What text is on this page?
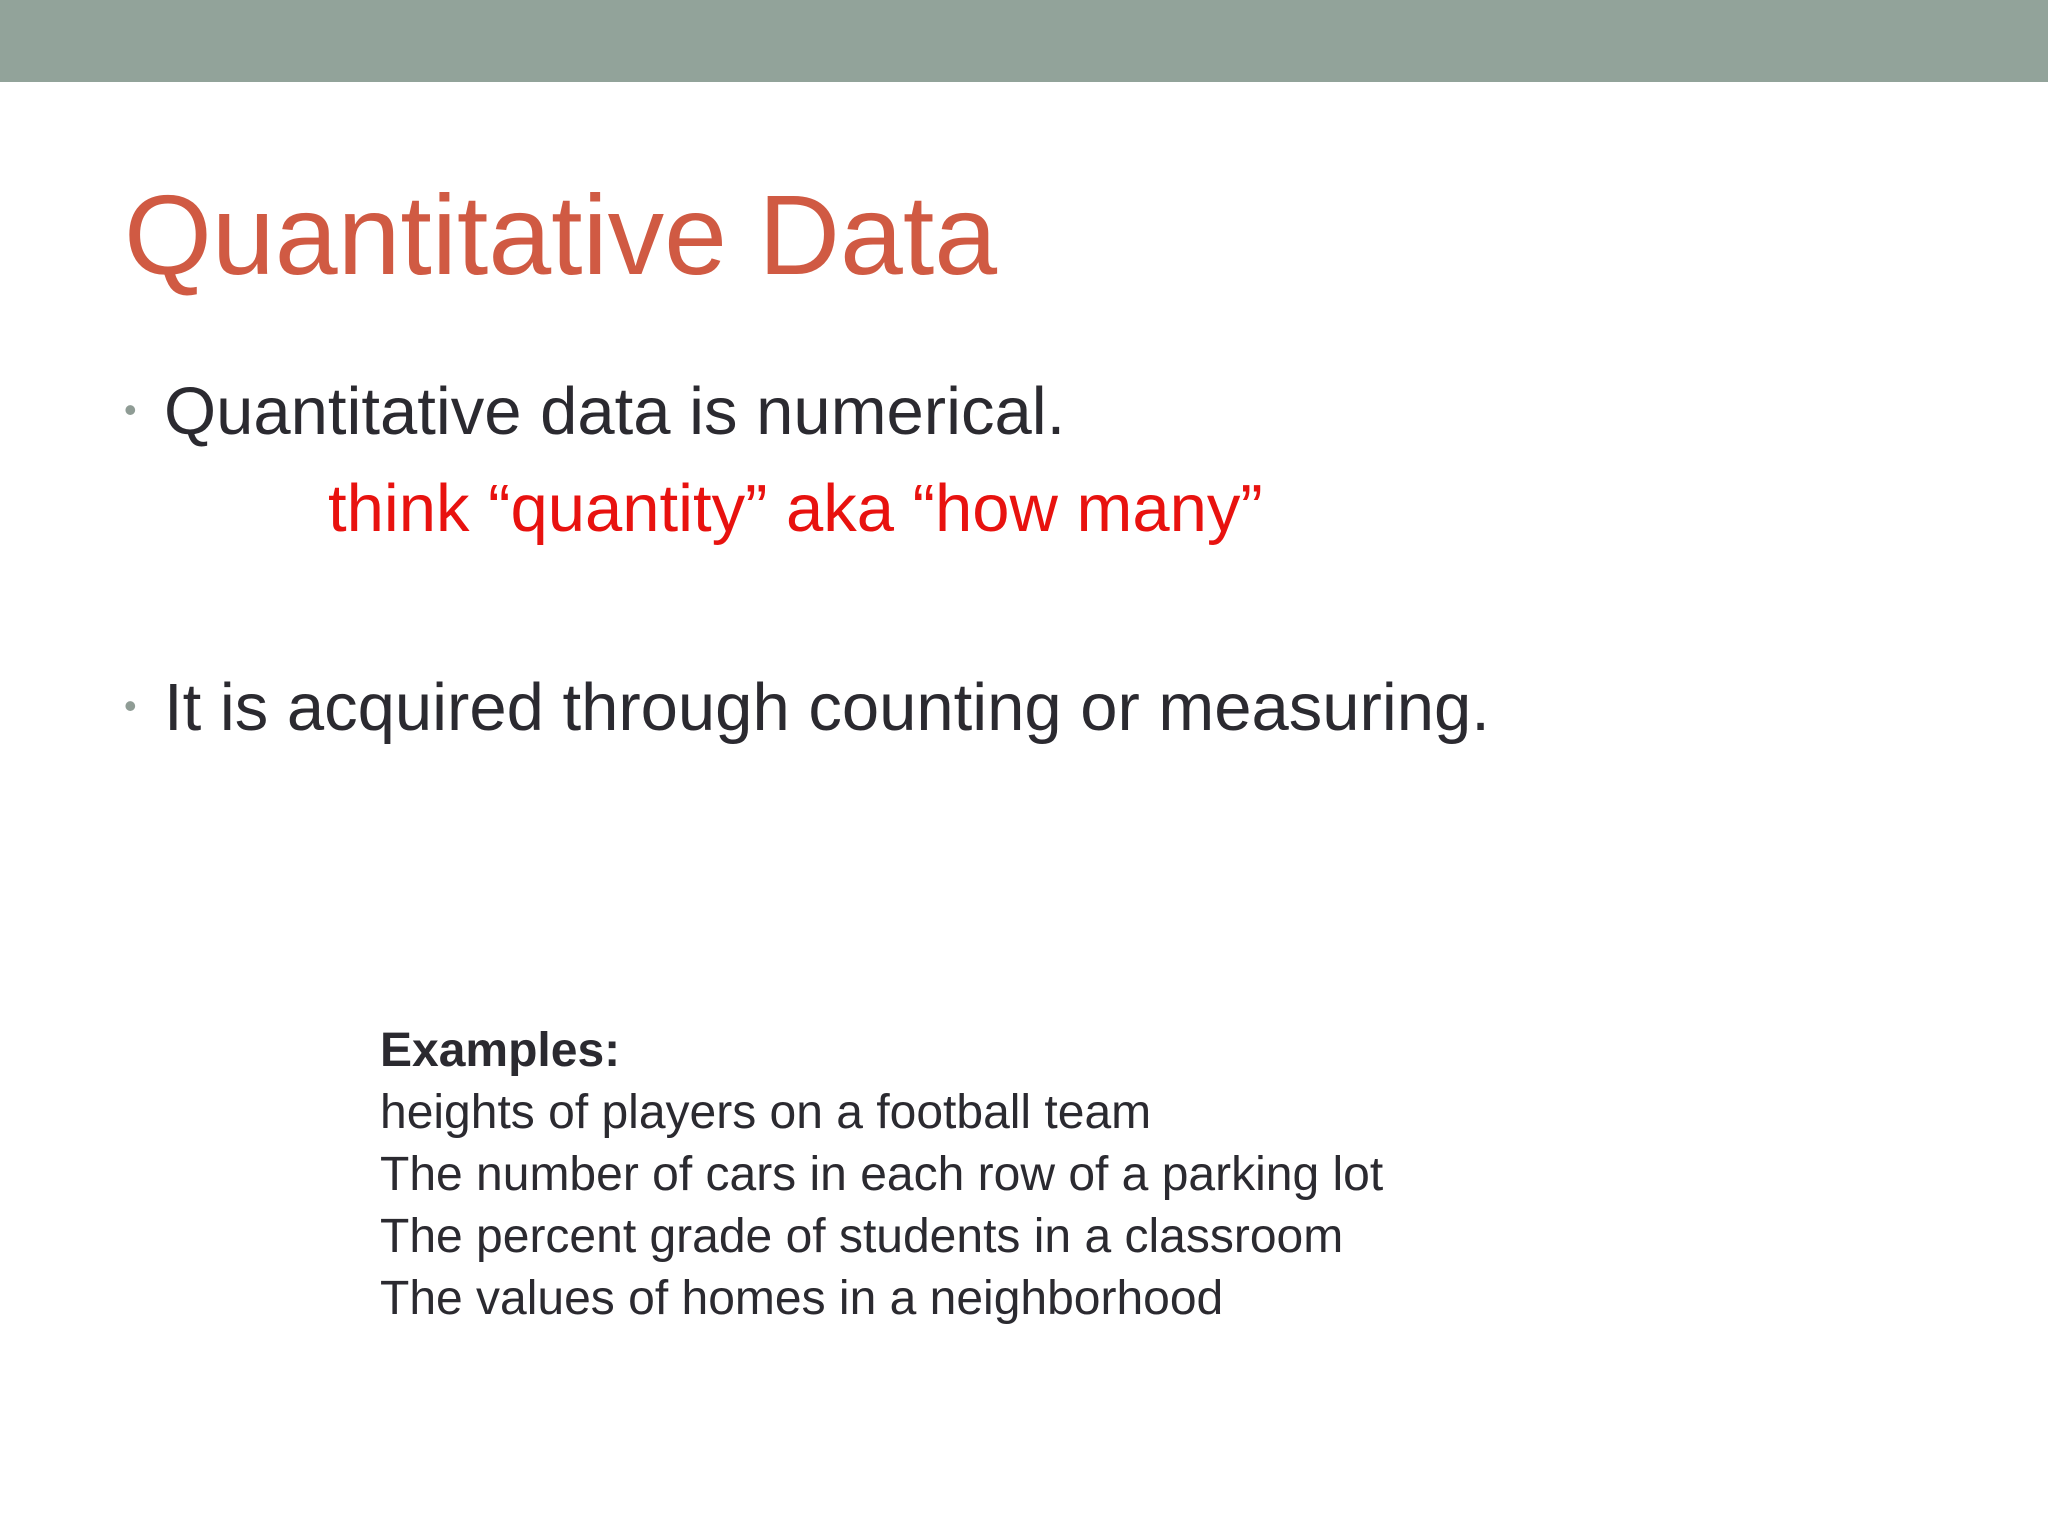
Quantitative Data
• Quantitative data is numerical.
think “quantity” aka “how many”
• It is acquired through counting or measuring.
Examples:
heights of players on a football team
The number of cars in each row of a parking lot
The percent grade of students in a classroom
The values of homes in a neighborhood
